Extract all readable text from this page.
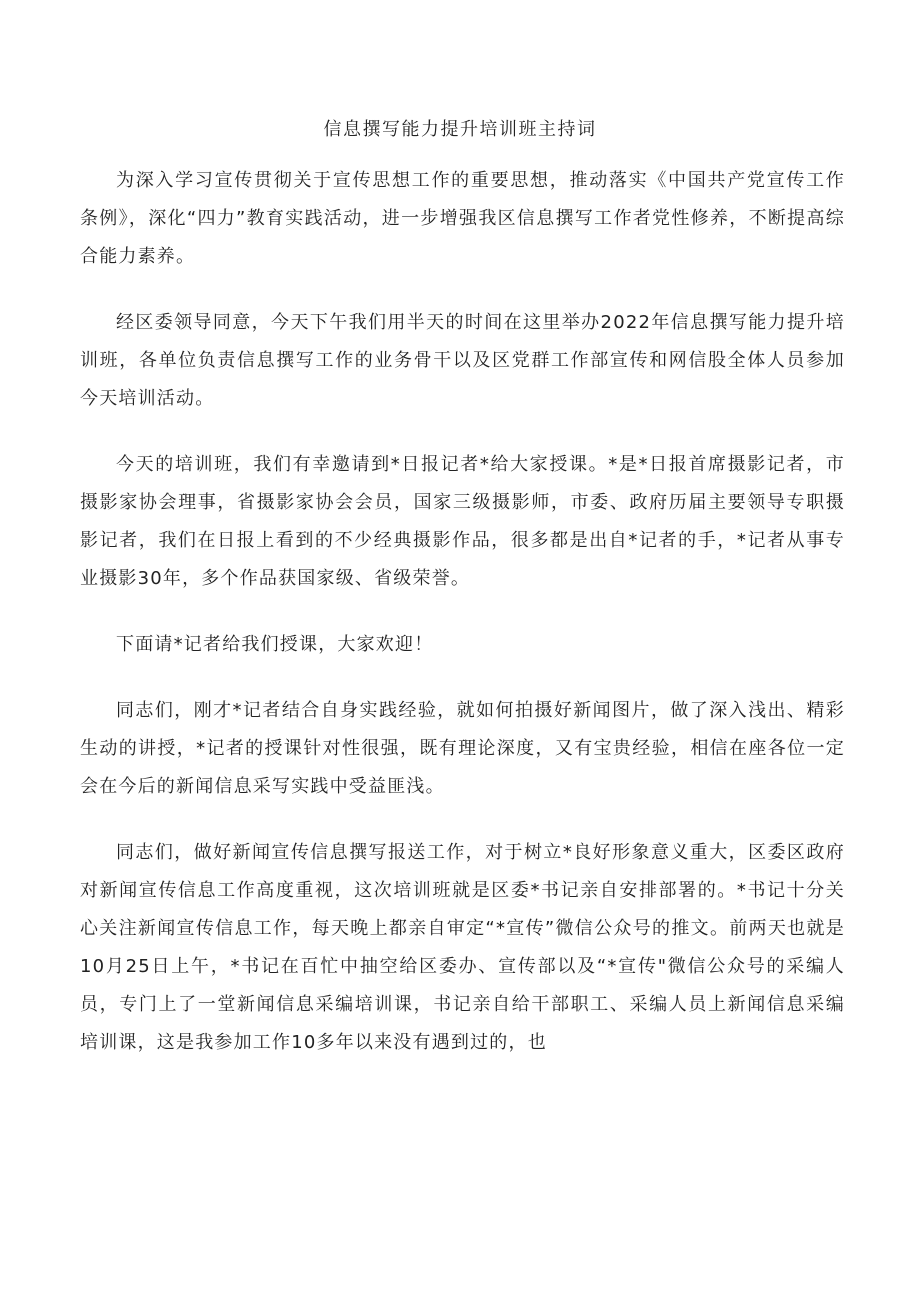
信息撰写能力提升培训班主持词

为深入学习宣传贯彻关于宣传思想工作的重要思想，推动落实《中国共产党宣传工作条例》，深化“四力”教育实践活动，进一步增强我区信息撰写工作者党性修养，不断提高综合能力素养。

经区委领导同意，今天下午我们用半天的时间在这里举办2022年信息撰写能力提升培训班，各单位负责信息撰写工作的业务骨干以及区党群工作部宣传和网信股全体人员参加今天培训活动。

今天的培训班，我们有幸邀请到*日报记者*给大家授课。*是*日报首席摄影记者，市摄影家协会理事，省摄影家协会会员，国家三级摄影师，市委、政府历届主要领导专职摄影记者，我们在日报上看到的不少经典摄影作品，很多都是出自*记者的手，*记者从事专业摄影30年，多个作品获国家级、省级荣誉。

下面请*记者给我们授课，大家欢迎！

同志们，刚才*记者结合自身实践经验，就如何拍摄好新闻图片，做了深入浅出、精彩生动的讲授，*记者的授课针对性很强，既有理论深度，又有宝贵经验，相信在座各位一定会在今后的新闻信息采写实践中受益匪浅。

同志们，做好新闻宣传信息撰写报送工作，对于树立*良好形象意义重大，区委区政府对新闻宣传信息工作高度重视，这次培训班就是区委*书记亲自安排部署的。*书记十分关心关注新闻宣传信息工作，每天晚上都亲自审定“*宣传”微信公众号的推文。前两天也就是10月25日上午，*书记在百忙中抽空给区委办、宣传部以及“*宣传"微信公众号的采编人员，专门上了一堂新闻信息采编培训课，书记亲自给干部职工、采编人员上新闻信息采编培训课，这是我参加工作10多年以来没有遇到过的，也
